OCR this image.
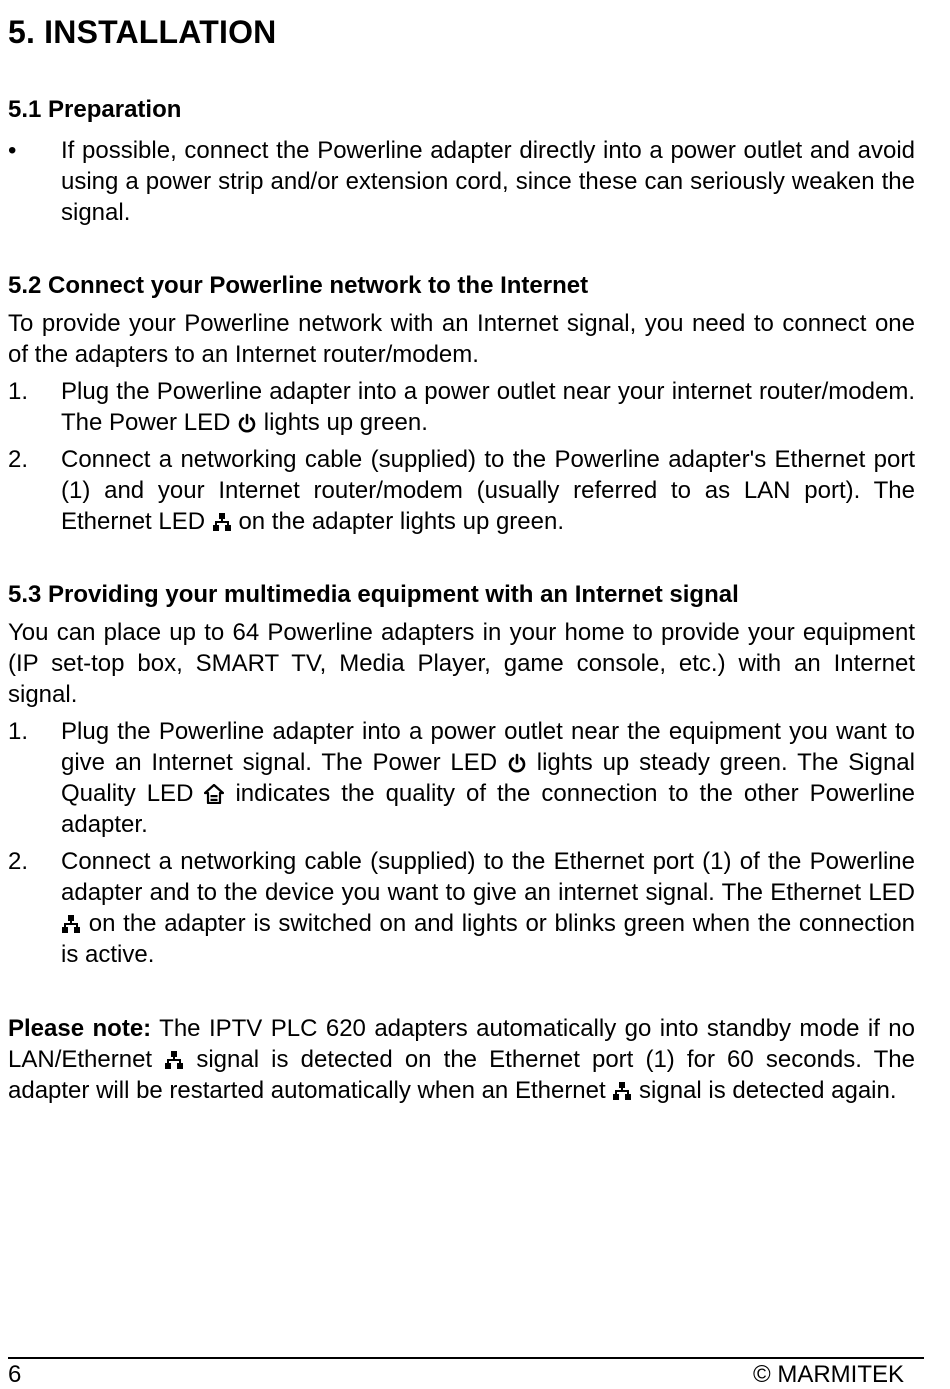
5. INSTALLATION
5.1 Preparation
•	If possible, connect the Powerline adapter directly into a power outlet and avoid using a power strip and/or extension cord, since these can seriously weaken the signal.
5.2 Connect your Powerline network to the Internet

To provide your Powerline network with an Internet signal, you need to connect one of the adapters to an Internet router/modem.

1.	Plug the Powerline adapter into a power outlet near your internet router/modem. The Power LED lights up green.
2.	Connect a networking cable (supplied) to the Powerline adapter's Ethernet port (1) and your Internet router/modem (usually referred to as LAN port). The Ethernet LED on the adapter lights up green.
5.3 Providing your multimedia equipment with an Internet signal

You can place up to 64 Powerline adapters in your home to provide your equipment (IP set-top box, SMART TV, Media Player, game console, etc.) with an Internet signal.

1.	Plug the Powerline adapter into a power outlet near the equipment you want to give an Internet signal. The Power LED lights up steady green. The Signal Quality LED indicates the quality of the connection to the other Powerline adapter.
2.	Connect a networking cable (supplied) to the Ethernet port (1) of the Powerline adapter and to the device you want to give an internet signal. The Ethernet LED
on the adapter is switched on and lights or blinks green when the connection is active.

Please note: The IPTV PLC 620 adapters automatically go into standby mode if no LAN/Ethernet signal is detected on the Ethernet port (1) for 60 seconds. The adapter will be restarted automatically when an Ethernet signal is detected again.

6	© MARMITEK
